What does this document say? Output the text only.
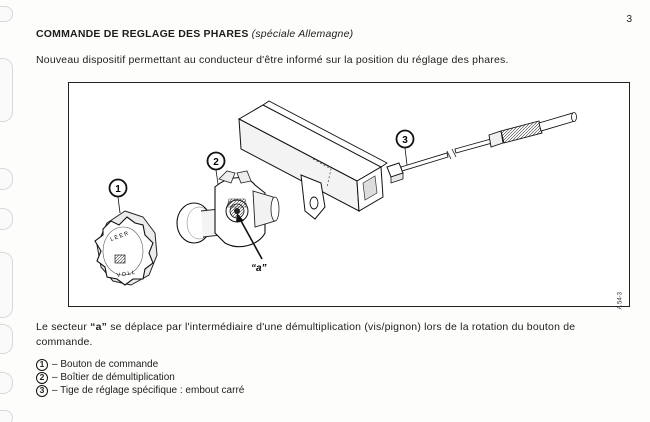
3
COMMANDE DE REGLAGE DES PHARES (spéciale Allemagne)
Nouveau dispositif permettant au conducteur d'être informé sur la position du réglage des phares.
1
L E E R
V O L L
2
“a”
3
A 54-3
Le secteur “a” se déplace par l'intermédiaire d'une démultiplication (vis/pignon) lors de la rotation du bouton de commande.
1 – Bouton de commande
2 – Boîtier de démultiplication
3 – Tige de réglage spécifique : embout carré
